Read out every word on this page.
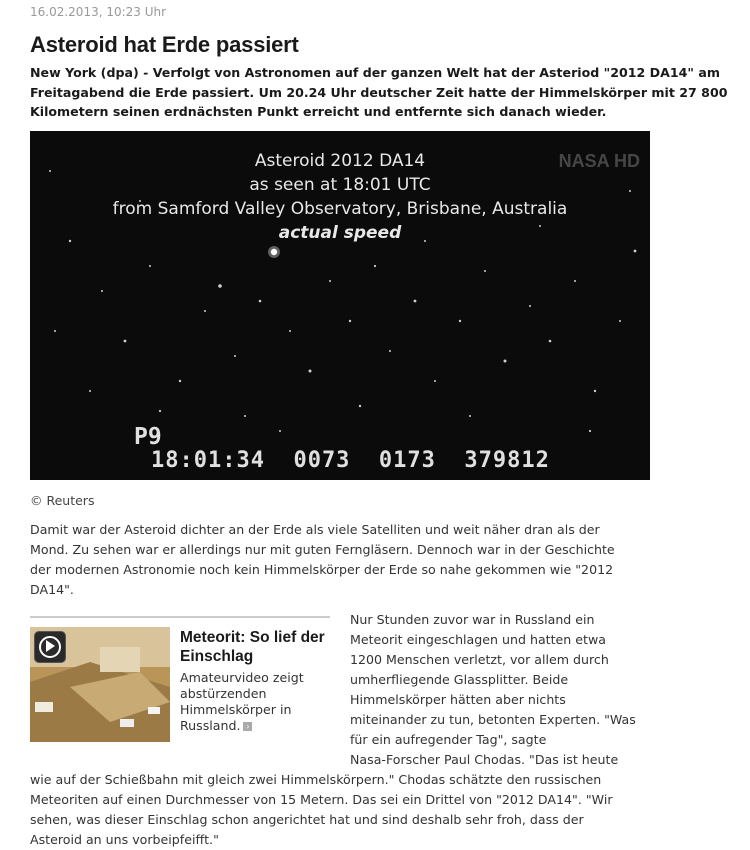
16.02.2013, 10:23 Uhr
Asteroid hat Erde passiert
New York (dpa) - Verfolgt von Astronomen auf der ganzen Welt hat der Asteriod "2012 DA14" am
Freitagabend die Erde passiert. Um 20.24 Uhr deutscher Zeit hatte der Himmelskörper mit 27 800
Kilometern seinen erdnächsten Punkt erreicht und entfernte sich danach wieder.
NASA HD
Asteroid 2012 DA14
as seen at 18:01 UTC
from Samford Valley Observatory, Brisbane, Australia
actual speed
P9
18:01:34  0073  0173  379812
© Reuters
Damit war der Asteroid dichter an der Erde als viele Satelliten und weit näher dran als der
Mond. Zu sehen war er allerdings nur mit guten Ferngläsern. Dennoch war in der Geschichte
der modernen Astronomie noch kein Himmelskörper der Erde so nahe gekommen wie "2012
DA14".
Meteorit: So lief der Einschlag
Amateurvideo zeigt abstürzenden Himmelskörper in Russland. ›
Nur Stunden zuvor war in Russland ein
Meteorit eingeschlagen und hatten etwa
1200 Menschen verletzt, vor allem durch
umherfliegende Glassplitter. Beide
Himmelskörper hätten aber nichts
miteinander zu tun, betonten Experten. "Was
für ein aufregender Tag", sagte
Nasa-Forscher Paul Chodas. "Das ist heute
wie auf der Schießbahn mit gleich zwei Himmelskörpern." Chodas schätzte den russischen
Meteoriten auf einen Durchmesser von 15 Metern. Das sei ein Drittel von "2012 DA14". "Wir
sehen, was dieser Einschlag schon angerichtet hat und sind deshalb sehr froh, dass der
Asteroid an uns vorbeipfeifft."
